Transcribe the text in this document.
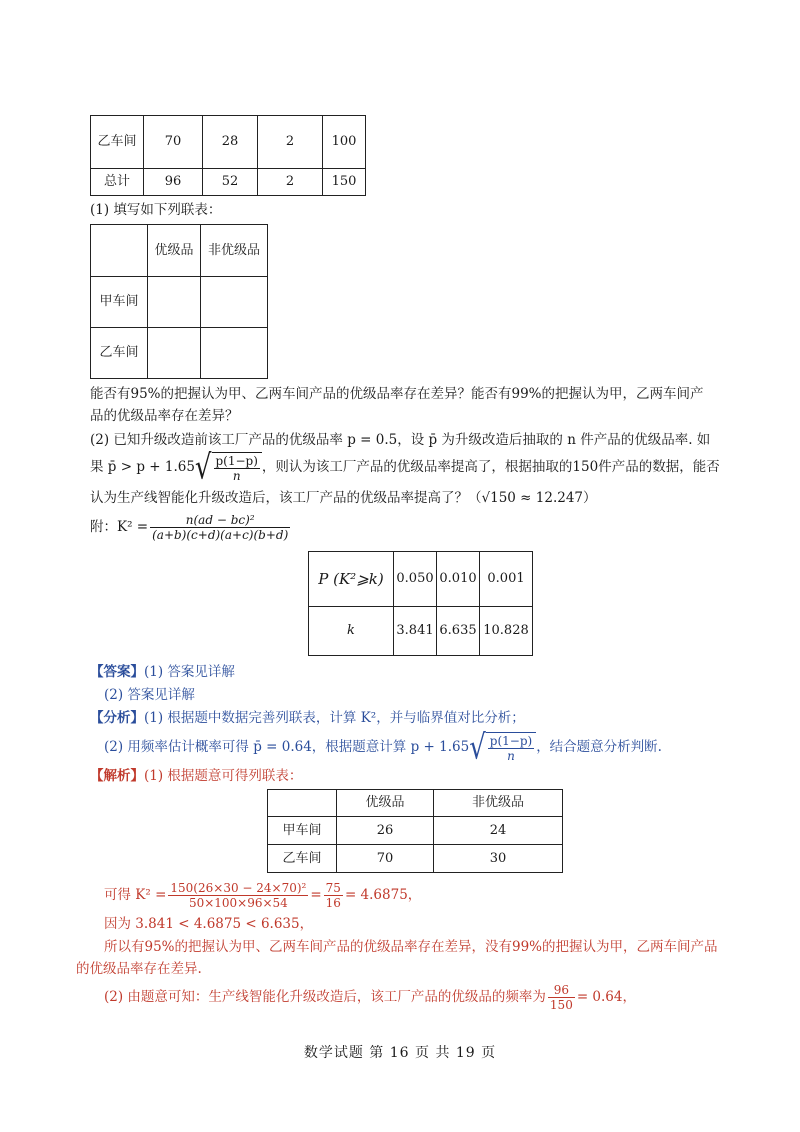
乙车间	70	28	2	100
总计	96	52	2	150
(1) 填写如下列联表：
	优级品	非优级品
甲车间		
乙车间		
能否有95%的把握认为甲、乙两车间产品的优级品率存在差异？能否有99%的把握认为甲，乙两车间产
品的优级品率存在差异？
(2) 已知升级改造前该工厂产品的优级品率 p = 0.5，设 p̄ 为升级改造后抽取的 n 件产品的优级品率. 如
果 p̄ > $p + 1.65√ \frac{p(1-p)}{n}$ ，则认为该工厂产品的优级品率提高了，根据抽取的150件产品的数据，能否
认为生产线智能化升级改造后，该工厂产品的优级品率提高了？（√150 ≈ 12.247）
附：$K^2 = \frac{\text{n(ad − bc)²}}{(a+b)(c+d)(a+c)(b+d)}$
P (K²⩾k)	0.050	0.010	0.001
k	3.841	6.635	10.828
【答案】(1) 答案见详解
(2) 答案见详解
【分析】(1) 根据题中数据完善列联表，计算 K²，并与临界值对比分析；
(2) 用频率估计概率可得 p̄ = 0.64，根据题意计算 $p + 1.65√ \frac{p(1-p)}{n}$ ，结合题意分析判断.
【解析】(1) 根据题意可得列联表：
	优级品	非优级品
甲车间	26	24
乙车间	70	30
可得 $K^2 = \frac{\text{150(26×30 − 24×70)²}}{50\times 100\times 96\times 54} = \frac{75}{16} = 4.6875$，
因为 3.841 < 4.6875 < 6.635，
所以有95%的把握认为甲、乙两车间产品的优级品率存在差异，没有99%的把握认为甲，乙两车间产品
的优级品率存在差异.
(2) 由题意可知：生产线智能化升级改造后，该工厂产品的优级品的频率为 $\frac{96}{150} = 0.64$，
数学试题 第 16 页 共 19 页
